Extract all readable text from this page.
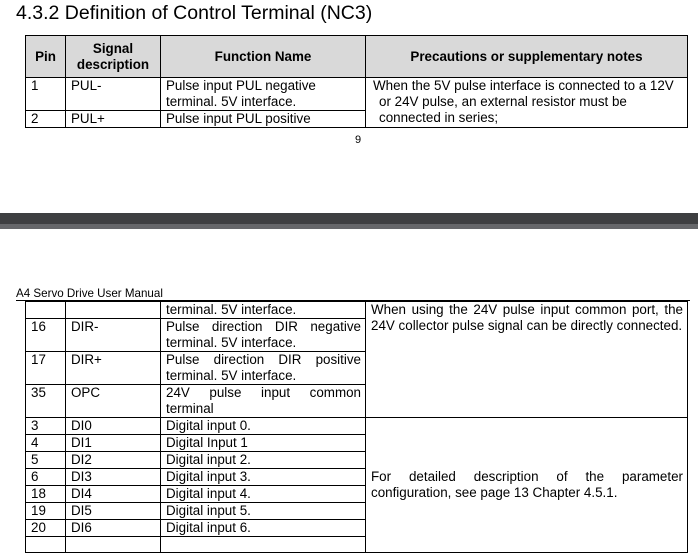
4.3.2 Definition of Control Terminal (NC3)
Pin	Signal description	Function Name	Precautions or supplementary notes
1	PUL-	Pulse input PUL negative terminal. 5V interface.	When the 5V pulse interface is connected to a 12V or 24V pulse, an external resistor must be connected in series;
2	PUL+	Pulse input PUL positive	
9
A4 Servo Drive User Manual
		terminal. 5V interface.	When using the 24V pulse input common port, the 24V collector pulse signal can be directly connected.
16	DIR-	Pulse direction DIR negative terminal. 5V interface.	
17	DIR+	Pulse direction DIR positive terminal. 5V interface.	
35	OPC	24V pulse input common terminal	
3	DI0	Digital input 0.	For detailed description of the parameter configuration, see page 13 Chapter 4.5.1.
4	DI1	Digital Input 1	
5	DI2	Digital input 2.	
6	DI3	Digital input 3.	
18	DI4	Digital input 4.	
19	DI5	Digital input 5.	
20	DI6	Digital input 6.	
